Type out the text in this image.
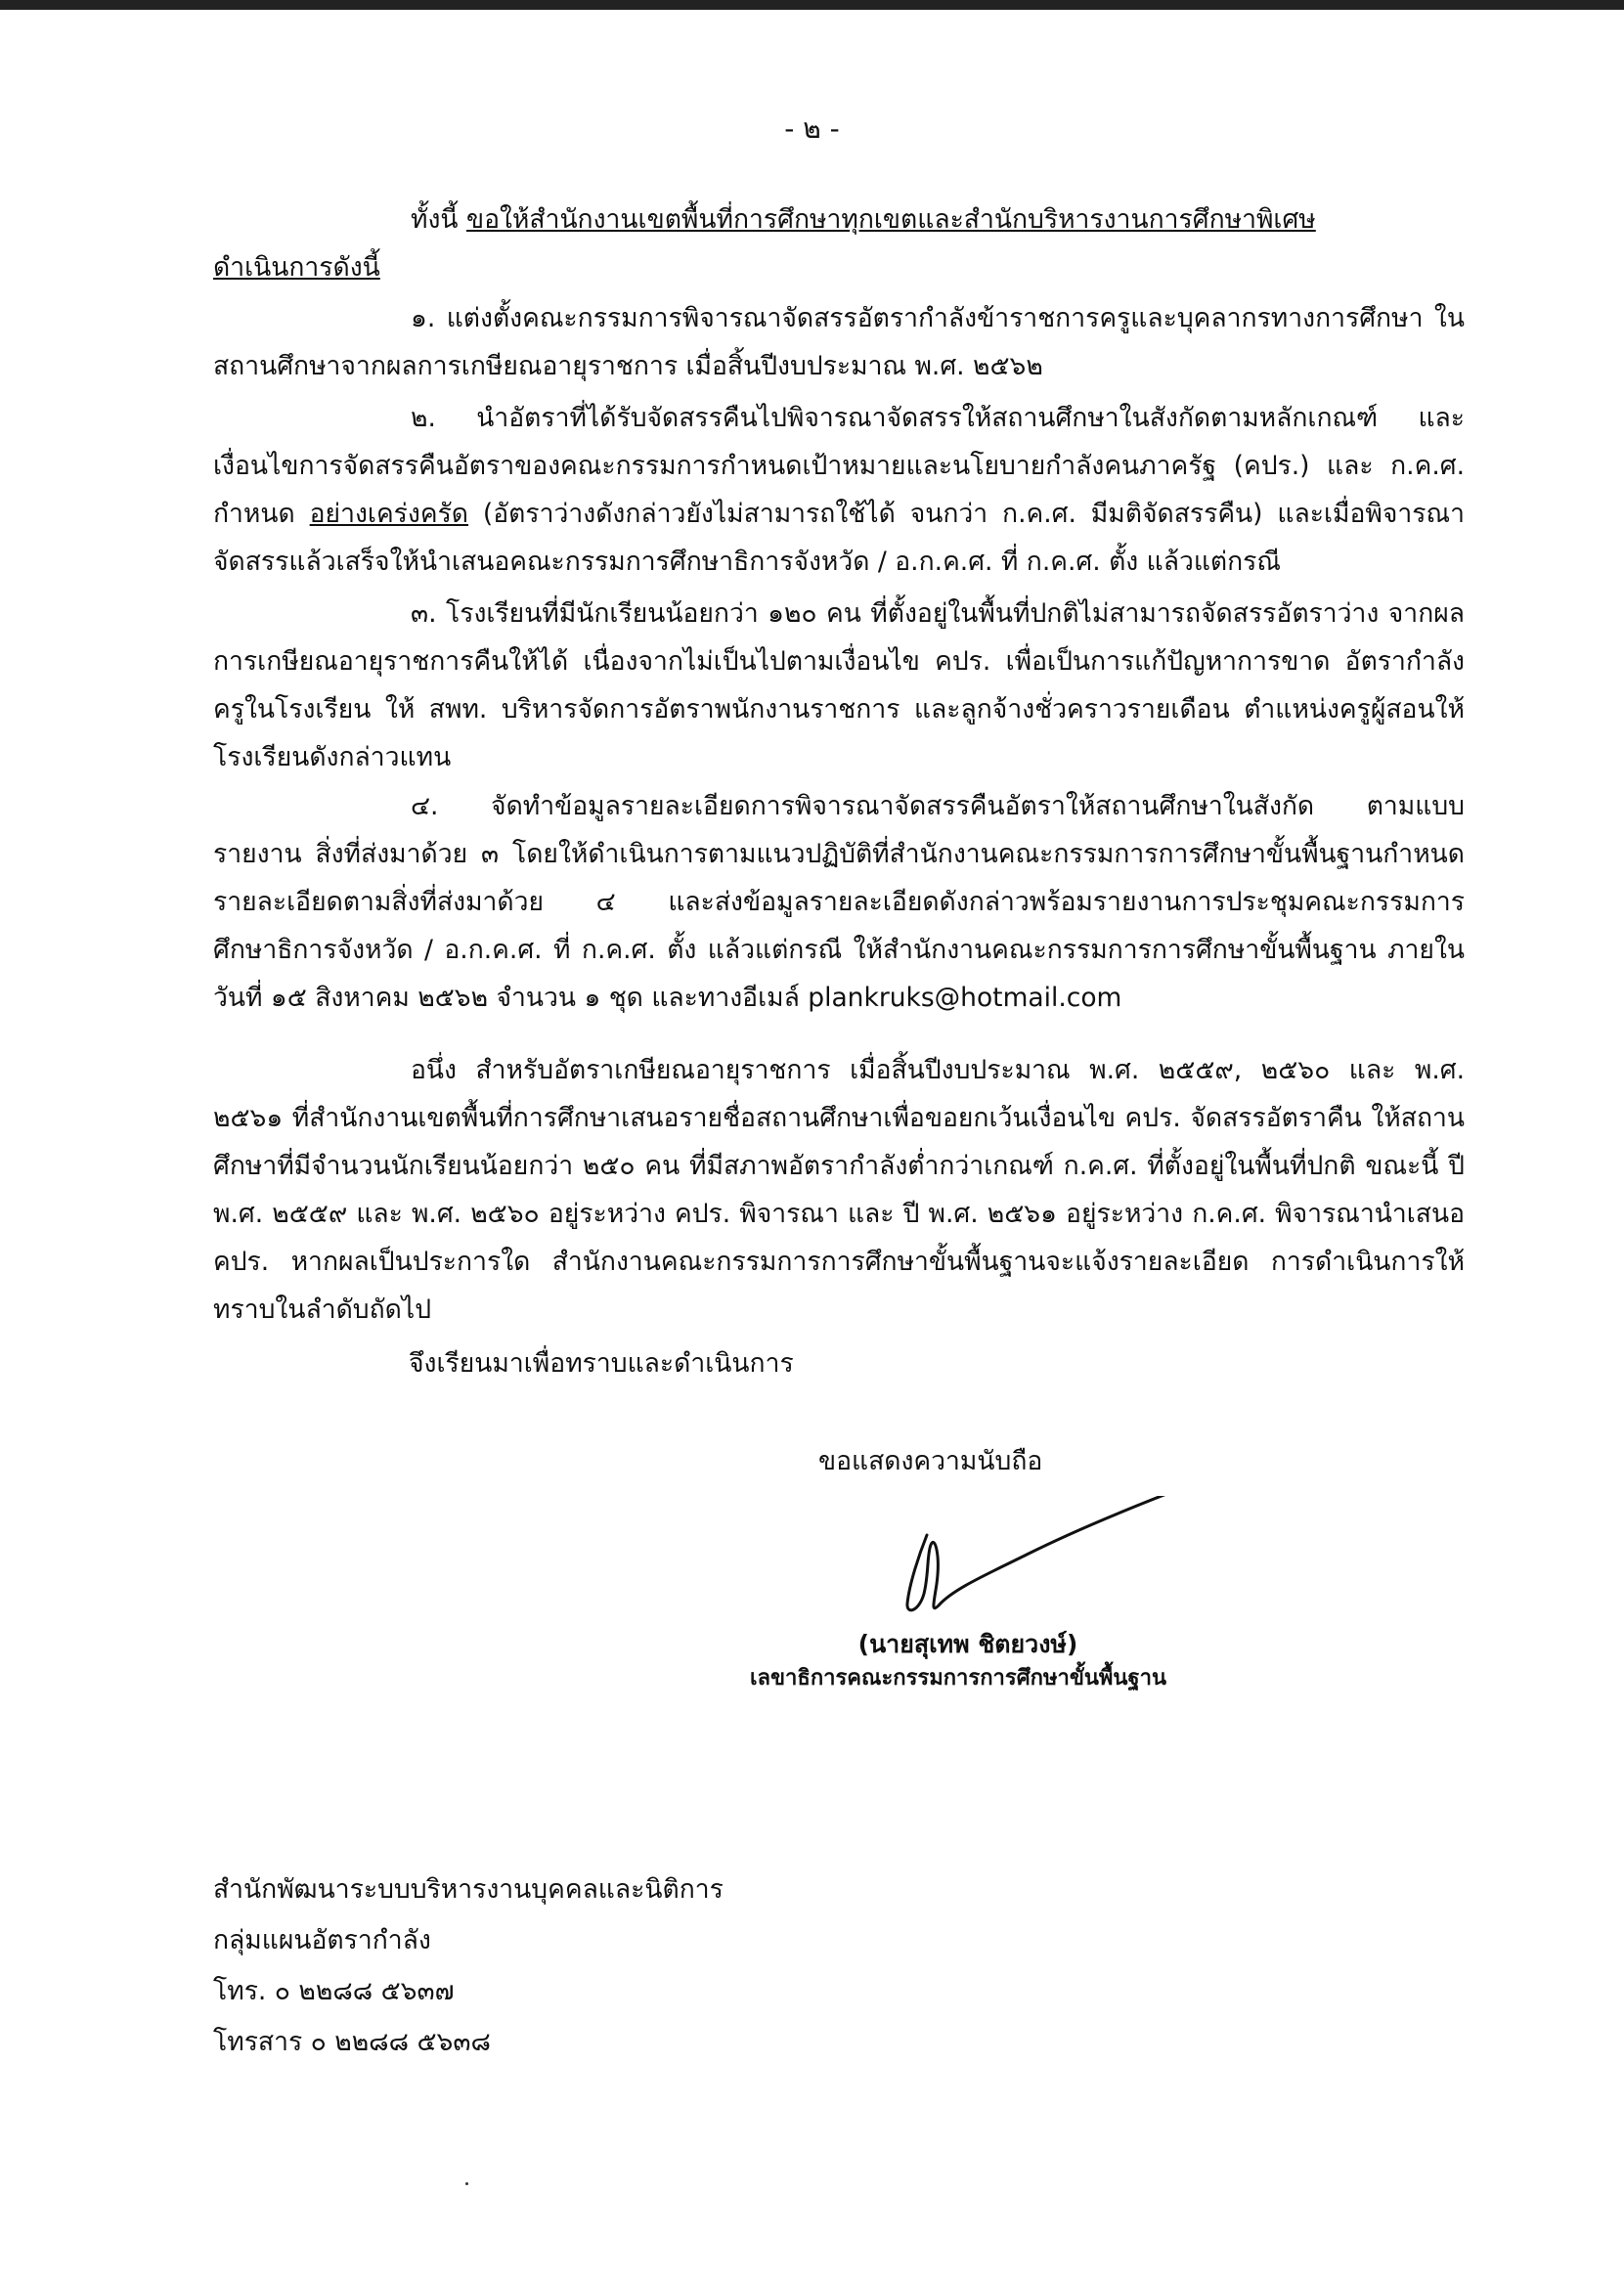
- ๒ -
ทั้งนี้ ขอให้สำนักงานเขตพื้นที่การศึกษาทุกเขตและสำนักบริหารงานการศึกษาพิเศษ
ดำเนินการดังนี้
๑. แต่งตั้งคณะกรรมการพิจารณาจัดสรรอัตรากำลังข้าราชการครูและบุคลากรทางการศึกษา ในสถานศึกษาจากผลการเกษียณอายุราชการ เมื่อสิ้นปีงบประมาณ พ.ศ. ๒๕๖๒
๒. นำอัตราที่ได้รับจัดสรรคืนไปพิจารณาจัดสรรให้สถานศึกษาในสังกัดตามหลักเกณฑ์ และเงื่อนไขการจัดสรรคืนอัตราของคณะกรรมการกำหนดเป้าหมายและนโยบายกำลังคนภาครัฐ (คปร.) และ ก.ค.ศ. กำหนด อย่างเคร่งครัด (อัตราว่างดังกล่าวยังไม่สามารถใช้ได้ จนกว่า ก.ค.ศ. มีมติจัดสรรคืน) และเมื่อพิจารณาจัดสรรแล้วเสร็จให้นำเสนอคณะกรรมการศึกษาธิการจังหวัด / อ.ก.ค.ศ. ที่ ก.ค.ศ. ตั้ง แล้วแต่กรณี
๓. โรงเรียนที่มีนักเรียนน้อยกว่า ๑๒๐ คน ที่ตั้งอยู่ในพื้นที่ปกติไม่สามารถจัดสรรอัตราว่าง จากผลการเกษียณอายุราชการคืนให้ได้ เนื่องจากไม่เป็นไปตามเงื่อนไข คปร. เพื่อเป็นการแก้ปัญหาการขาด อัตรากำลังครูในโรงเรียน ให้ สพท. บริหารจัดการอัตราพนักงานราชการ และลูกจ้างชั่วคราวรายเดือน ตำแหน่งครูผู้สอนให้โรงเรียนดังกล่าวแทน
๔. จัดทำข้อมูลรายละเอียดการพิจารณาจัดสรรคืนอัตราให้สถานศึกษาในสังกัด ตามแบบรายงาน สิ่งที่ส่งมาด้วย ๓ โดยให้ดำเนินการตามแนวปฏิบัติที่สำนักงานคณะกรรมการการศึกษาขั้นพื้นฐานกำหนด รายละเอียดตามสิ่งที่ส่งมาด้วย ๔ และส่งข้อมูลรายละเอียดดังกล่าวพร้อมรายงานการประชุมคณะกรรมการ ศึกษาธิการจังหวัด / อ.ก.ค.ศ. ที่ ก.ค.ศ. ตั้ง แล้วแต่กรณี ให้สำนักงานคณะกรรมการการศึกษาขั้นพื้นฐาน ภายในวันที่ ๑๕ สิงหาคม ๒๕๖๒ จำนวน ๑ ชุด และทางอีเมล์ plankruks@hotmail.com
อนึ่ง สำหรับอัตราเกษียณอายุราชการ เมื่อสิ้นปีงบประมาณ พ.ศ. ๒๕๕๙, ๒๕๖๐ และ พ.ศ. ๒๕๖๑ ที่สำนักงานเขตพื้นที่การศึกษาเสนอรายชื่อสถานศึกษาเพื่อขอยกเว้นเงื่อนไข คปร. จัดสรรอัตราคืน ให้สถานศึกษาที่มีจำนวนนักเรียนน้อยกว่า ๒๕๐ คน ที่มีสภาพอัตรากำลังต่ำกว่าเกณฑ์ ก.ค.ศ. ที่ตั้งอยู่ในพื้นที่ปกติ ขณะนี้ ปี พ.ศ. ๒๕๕๙ และ พ.ศ. ๒๕๖๐ อยู่ระหว่าง คปร. พิจารณา และ ปี พ.ศ. ๒๕๖๑ อยู่ระหว่าง ก.ค.ศ. พิจารณานำเสนอ คปร. หากผลเป็นประการใด สำนักงานคณะกรรมการการศึกษาขั้นพื้นฐานจะแจ้งรายละเอียด การดำเนินการให้ทราบในลำดับถัดไป
จึงเรียนมาเพื่อทราบและดำเนินการ
ขอแสดงความนับถือ
(นายสุเทพ ชิตยวงษ์)
เลขาธิการคณะกรรมการการศึกษาขั้นพื้นฐาน
สำนักพัฒนาระบบบริหารงานบุคคลและนิติการ
กลุ่มแผนอัตรากำลัง
โทร. ๐ ๒๒๘๘ ๕๖๓๗
โทรสาร ๐ ๒๒๘๘ ๕๖๓๘
